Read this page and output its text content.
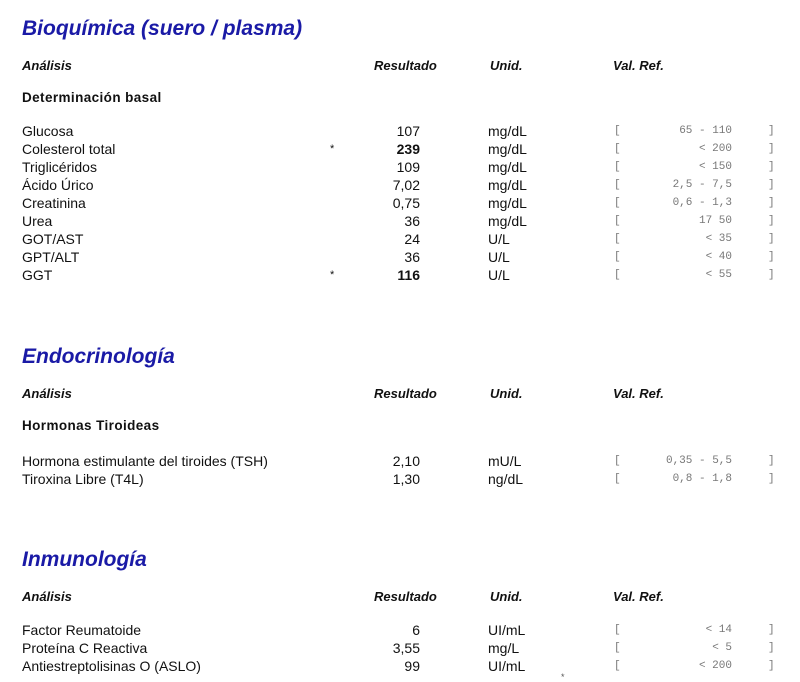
Bioquímica (suero / plasma)
Análisis	Resultado	Unid.	Val. Ref.
Determinación basal
Glucosa	107	mg/dL	[	65 - 110	]
Colesterol total	*	239	mg/dL	[	< 200	]
Triglicéridos	109	mg/dL	[	< 150	]
Ácido Úrico	7,02	mg/dL	[	2,5 - 7,5	]
Creatinina	0,75	mg/dL	[	0,6 - 1,3	]
Urea	36	mg/dL	[	17 50	]
GOT/AST	24	U/L	[	< 35	]
GPT/ALT	36	U/L	[	< 40	]
GGT	*	116	U/L	[	< 55	]
Endocrinología
Análisis	Resultado	Unid.	Val. Ref.
Hormonas Tiroideas
Hormona estimulante del tiroides (TSH)	2,10	mU/L	[	0,35 - 5,5	]
Tiroxina Libre (T4L)	1,30	ng/dL	[	0,8 - 1,8	]
Inmunología
Análisis	Resultado	Unid.	Val. Ref.
Factor Reumatoide	6	UI/mL	[	< 14	]
Proteína C Reactiva	3,55	mg/L	[	< 5	]
Antiestreptolisinas O (ASLO)	99	UI/mL	[	< 200	]
*
